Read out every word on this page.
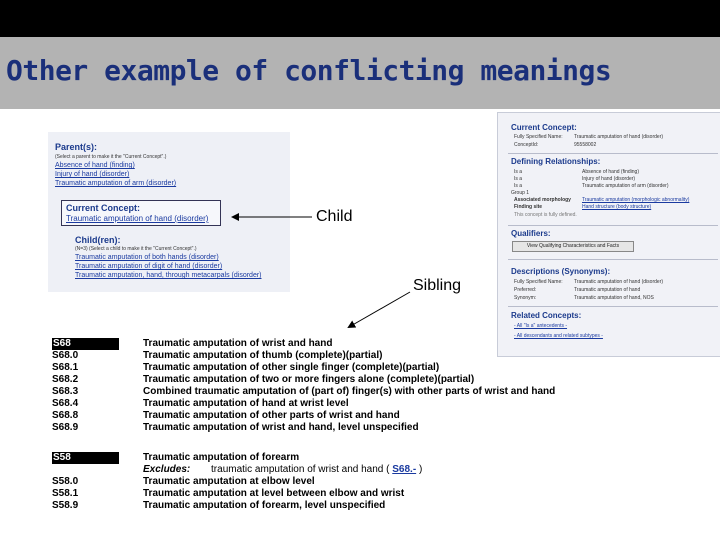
Other example of conflicting meanings
Parent(s):
(Select a parent to make it the "Current Concept".)
Absence of hand (finding)
Injury of hand (disorder)
Traumatic amputation of arm (disorder)
Current Concept:
Traumatic amputation of hand (disorder)
Child(ren):
(N=3) (Select a child to make it the "Current Concept".)
Traumatic amputation of both hands (disorder)
Traumatic amputation of digit of hand (disorder)
Traumatic amputation, hand, through metacarpals (disorder)
Current Concept:
Fully Specified Name: Traumatic amputation of hand (disorder)
ConceptId:	95558002
Defining Relationships:
Is a	Absence of hand (finding)
Is a	Injury of hand (disorder)
Is a	Traumatic amputation of arm (disorder)
Group 1
Associated morphology Traumatic amputation (morphologic abnormality)
Finding site	Hand structure (body structure)
This concept is fully defined.
Qualifiers:
View Qualifying Characteristics and Facts
Descriptions (Synonyms):
Fully Specified Name: Traumatic amputation of hand (disorder)
Preferred:	Traumatic amputation of hand
Synonym:	Traumatic amputation of hand, NOS
Related Concepts:
- All "Is a" antecedents -
- All descendants and related subtypes -
Child
Sibling
S68	Traumatic amputation of wrist and hand
S68.0	Traumatic amputation of thumb (complete)(partial)
S68.1	Traumatic amputation of other single finger (complete)(partial)
S68.2	Traumatic amputation of two or more fingers alone (complete)(partial)
S68.3	Combined traumatic amputation of (part of) finger(s) with other parts of wrist and hand
S68.4	Traumatic amputation of hand at wrist level
S68.8	Traumatic amputation of other parts of wrist and hand
S68.9	Traumatic amputation of wrist and hand, level unspecified
S58	Traumatic amputation of forearm
Excludes: traumatic amputation of wrist and hand ( S68.- )
S58.0	Traumatic amputation at elbow level
S58.1	Traumatic amputation at level between elbow and wrist
S58.9	Traumatic amputation of forearm, level unspecified
